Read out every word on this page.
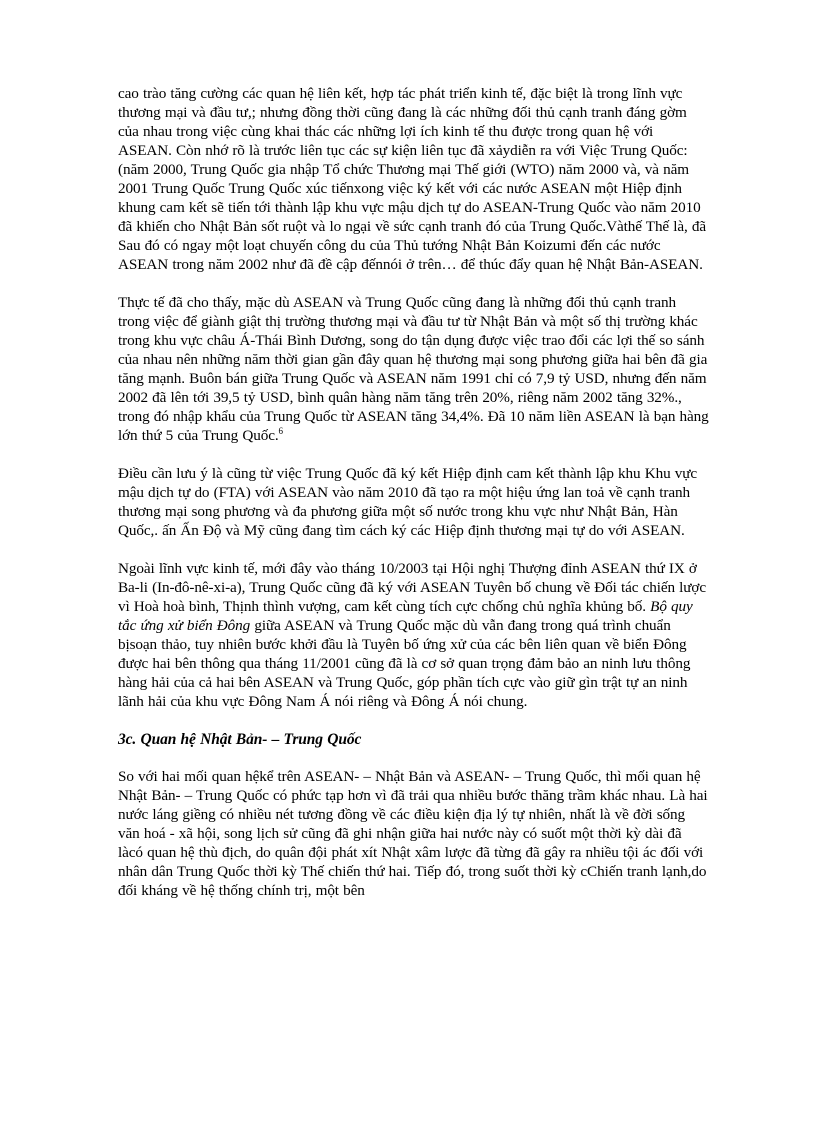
cao trào tăng cường các quan hệ liên kết, hợp tác phát triển kinh tế, đặc biệt là trong lĩnh vực thương mại và đầu tư,; nhưng đồng thời cũng đang là các những đối thủ cạnh tranh đáng gờm của nhau trong việc cùng khai thác các những lợi ích kinh tế thu được trong quan hệ với ASEAN. Còn nhớ rõ là trước liên tục các sự kiện liên tục đã xảydiễn ra với Việc Trung Quốc: (năm 2000, Trung Quốc gia nhập Tổ chức Thương mại Thế giới (WTO) năm 2000 và, và năm 2001 Trung Quốc Trung Quốc xúc tiếnxong việc ký kết với các nước ASEAN một Hiệp định khung cam kết sẽ tiến tới thành lập khu vực mậu dịch tự do ASEAN-Trung Quốc vào năm 2010 đã khiến cho Nhật Bản sốt ruột và lo ngại về sức cạnh tranh đó của Trung Quốc.Vàthế Thế là, đã Sau đó có ngay một loạt chuyến công du của Thủ tướng Nhật Bản Koizumi đến các nước ASEAN trong năm 2002 như đã đề cập đếnnói ở trên… để thúc đẩy quan hệ Nhật Bản-ASEAN.

Thực tế đã cho thấy, mặc dù ASEAN và Trung Quốc cũng đang là những đối thủ cạnh tranh trong việc để giành giật thị trường thương mại và đầu tư từ Nhật Bản và một số thị trường khác trong khu vực châu Á-Thái Bình Dương, song do tận dụng được việc trao đổi các lợi thế so sánh của nhau nên những năm thời gian gần đây quan hệ thương mại song phương giữa hai bên đã gia tăng mạnh. Buôn bán giữa Trung Quốc và ASEAN năm 1991 chỉ có 7,9 tỷ USD, nhưng đến năm 2002 đã lên tới 39,5 tỷ USD, bình quân hàng năm tăng trên 20%, riêng năm 2002 tăng 32%., trong đó nhập khẩu của Trung Quốc từ ASEAN tăng 34,4%. Đã 10 năm liền ASEAN là bạn hàng lớn thứ 5 của Trung Quốc.$^6$

Điều cần lưu ý là cũng từ việc Trung Quốc đã ký kết Hiệp định cam kết thành lập khu Khu vực mậu dịch tự do (FTA) với ASEAN vào năm 2010 đã tạo ra một hiệu ứng lan toả về cạnh tranh thương mại song phương và đa phương giữa một số nước trong khu vực như Nhật Bản, Hàn Quốc,. ấn Ấn Độ và Mỹ cũng đang tìm cách ký các Hiệp định thương mại tự do với ASEAN.

Ngoài lĩnh vực kinh tế, mới đây vào tháng 10/2003 tại Hội nghị Thượng đỉnh ASEAN thứ IX ở Ba-li (In-đô-nê-xi-a), Trung Quốc cũng đã ký với ASEAN Tuyên bố chung về Đối tác chiến lược vì Hoà hoà bình, Thịnh thình vượng, cam kết cùng tích cực chống chủ nghĩa khủng bố. Bộ quy tắc ứng xử biển Đông giữa ASEAN và Trung Quốc mặc dù vẫn đang trong quá trình chuẩn bịsoạn thảo, tuy nhiên bước khởi đầu là Tuyên bố ứng xử của các bên liên quan về biển Đông được hai bên thông qua tháng 11/2001 cũng đã là cơ sở quan trọng đảm bảo an ninh lưu thông hàng hải của cả hai bên ASEAN và Trung Quốc, góp phần tích cực vào giữ gìn trật tự an ninh lãnh hải của khu vực Đông Nam Á nói riêng và Đông Á nói chung.

3c. Quan hệ Nhật Bản- – Trung Quốc

So với hai mối quan hệkể trên ASEAN- – Nhật Bản và ASEAN- – Trung Quốc, thì mối quan hệ Nhật Bản- – Trung Quốc có phức tạp hơn vì đã trải qua nhiều bước thăng trầm khác nhau. Là hai nước láng giềng có nhiều nét tương đồng về các điều kiện địa lý tự nhiên, nhất là về đời sống văn hoá - xã hội, song lịch sử cũng đã ghi nhận giữa hai nước này có suốt một thời kỳ dài đã làcó quan hệ thù địch, do quân đội phát xít Nhật xâm lược đã từng đã gây ra nhiều tội ác đối với nhân dân Trung Quốc thời kỳ Thế chiến thứ hai. Tiếp đó, trong suốt thời kỳ cChiến tranh lạnh,do đối kháng về hệ thống chính trị, một bên
